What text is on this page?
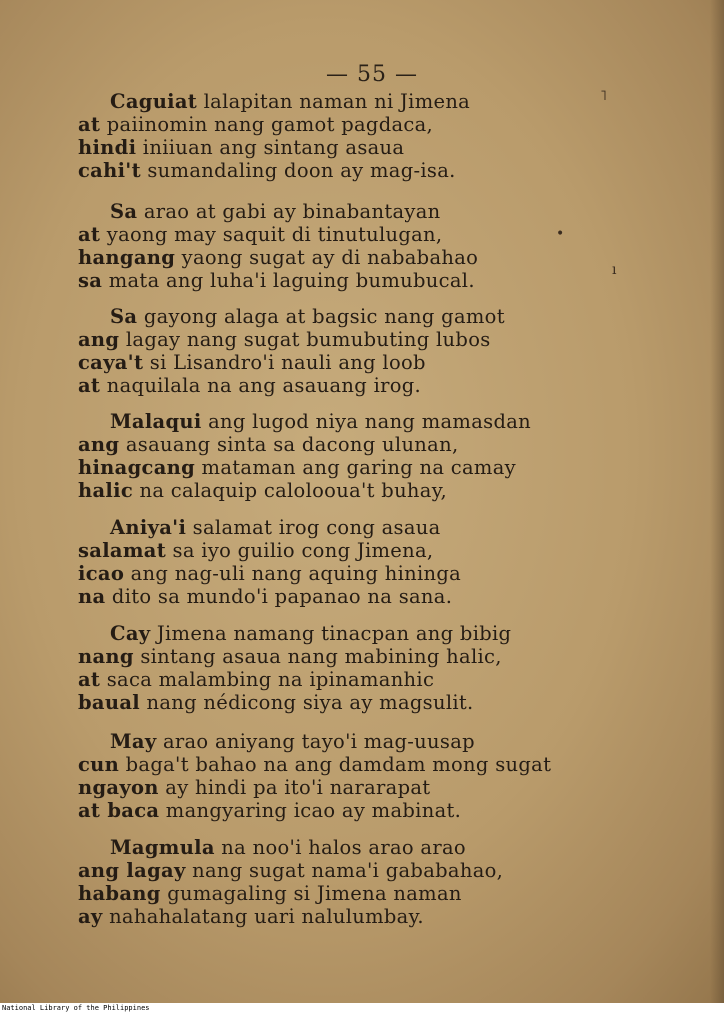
— 55 —
Caguiat lalapitan naman ni Jimena
at paiinomin nang gamot pagdaca,
hindi iniiuan ang sintang asaua
cahi't sumandaling doon ay mag-isa.
Sa arao at gabi ay binabantayan
at yaong may saquit di tinutulugan,
hangang yaong sugat ay di nababahao
sa mata ang luha'i laguing bumubucal.
Sa gayong alaga at bagsic nang gamot
ang lagay nang sugat bumubuting lubos
caya't si Lisandro'i nauli ang loob
at naquilala na ang asauang irog.
Malaqui ang lugod niya nang mamasdan
ang asauang sinta sa dacong ulunan,
hinagcang mataman ang garing na camay
halic na calaquip calolooua't buhay,
Aniya'i salamat irog cong asaua
salamat sa iyo guilio cong Jimena,
icao ang nag-uli nang aquing hininga
na dito sa mundo'i papanao na sana.
Cay Jimena namang tinacpan ang bibig
nang sintang asaua nang mabining halic,
at saca malambing na ipinamanhic
baual nang nédicong siya ay magsulit.
May arao aniyang tayo'i mag-uusap
cun baga't bahao na ang damdam mong sugat
ngayon ay hindi pa ito'i nararapat
at baca mangyaring icao ay mabinat.
Magmula na noo'i halos arao arao
ang lagay nang sugat nama'i gababahao,
habang gumagaling si Jimena naman
ay nahahalatang uari nalulumbay.
˥
ı
•
National Library of the Philippines
